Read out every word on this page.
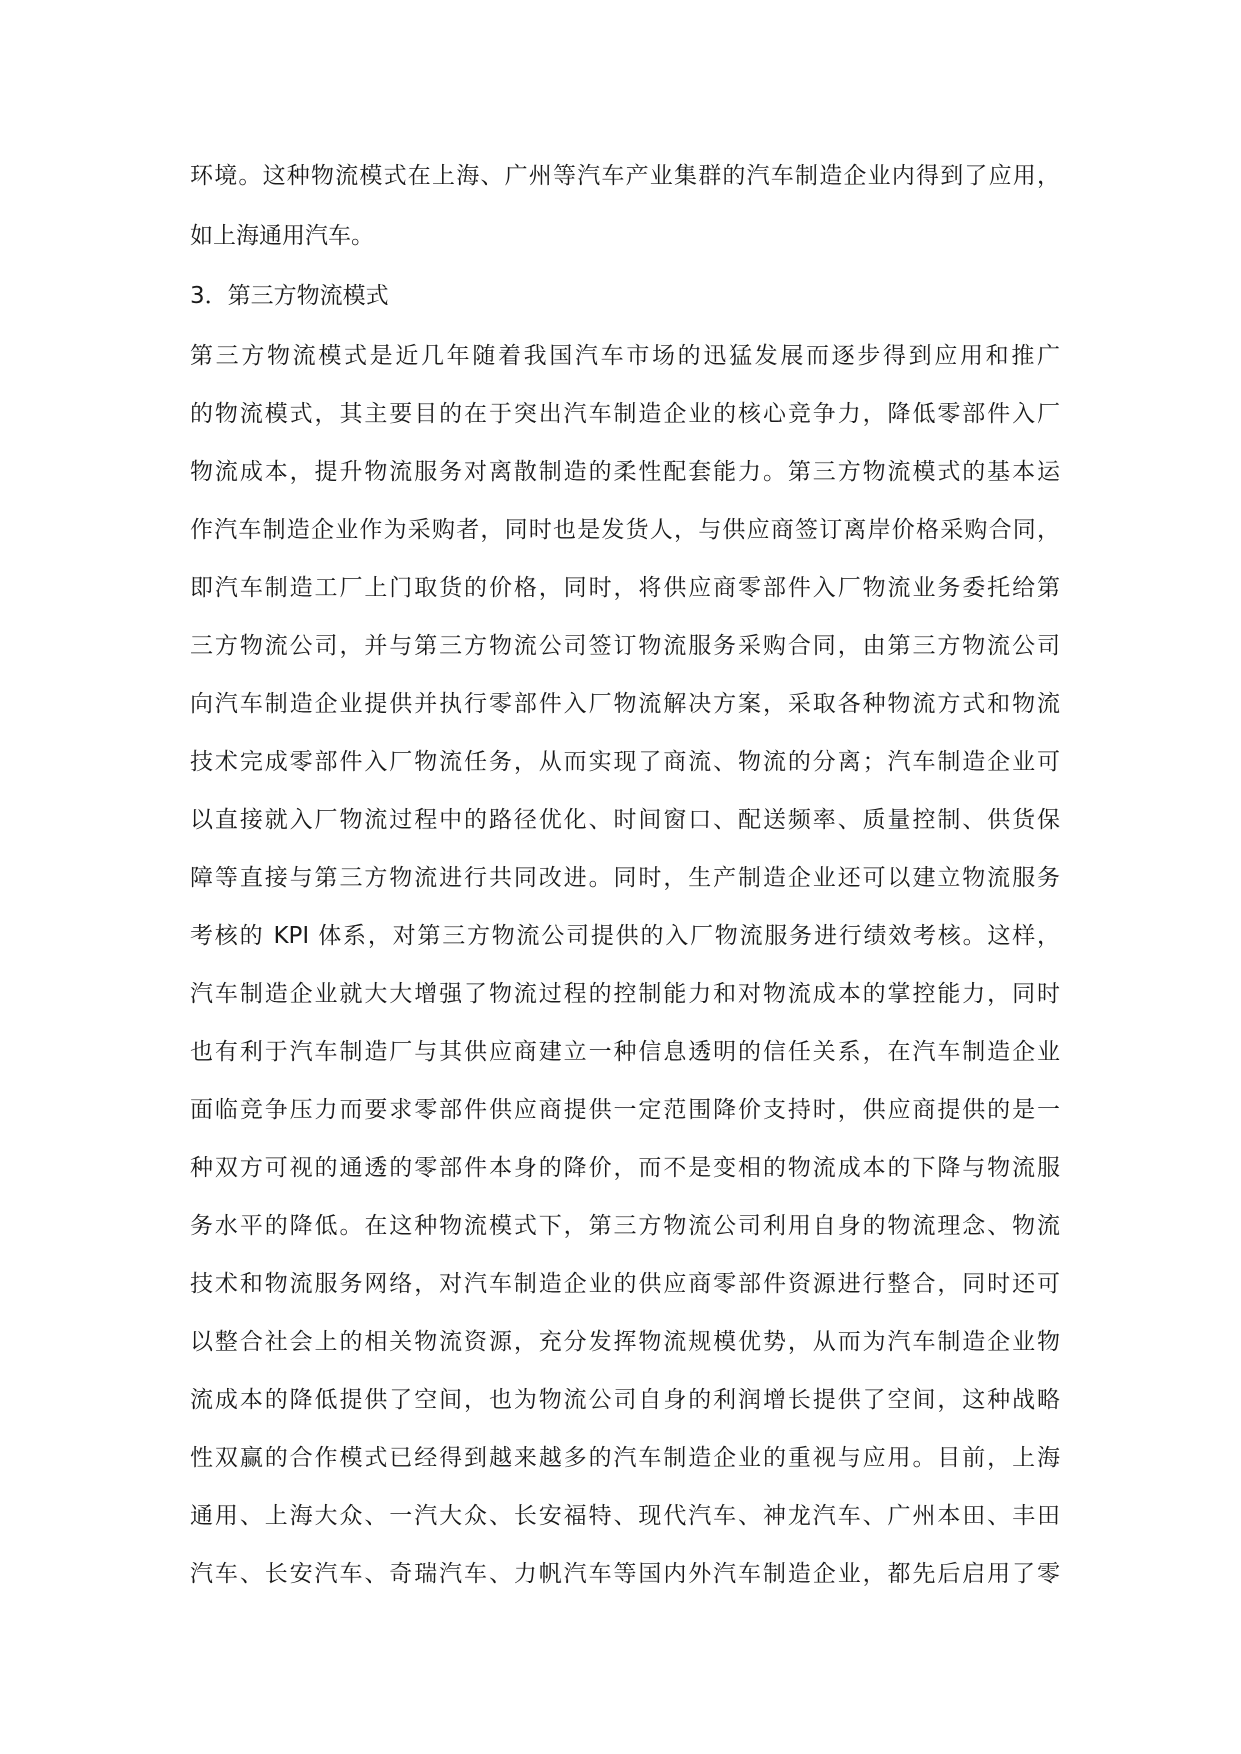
环境。这种物流模式在上海、广州等汽车产业集群的汽车制造企业内得到了应用，
如上海通用汽车。
3．第三方物流模式
第三方物流模式是近几年随着我国汽车市场的迅猛发展而逐步得到应用和推广
的物流模式，其主要目的在于突出汽车制造企业的核心竞争力，降低零部件入厂
物流成本，提升物流服务对离散制造的柔性配套能力。第三方物流模式的基本运
作汽车制造企业作为采购者，同时也是发货人，与供应商签订离岸价格采购合同，
即汽车制造工厂上门取货的价格，同时，将供应商零部件入厂物流业务委托给第
三方物流公司，并与第三方物流公司签订物流服务采购合同，由第三方物流公司
向汽车制造企业提供并执行零部件入厂物流解决方案，采取各种物流方式和物流
技术完成零部件入厂物流任务，从而实现了商流、物流的分离；汽车制造企业可
以直接就入厂物流过程中的路径优化、时间窗口、配送频率、质量控制、供货保
障等直接与第三方物流进行共同改进。同时，生产制造企业还可以建立物流服务
考核的 KPI 体系，对第三方物流公司提供的入厂物流服务进行绩效考核。这样，
汽车制造企业就大大增强了物流过程的控制能力和对物流成本的掌控能力，同时
也有利于汽车制造厂与其供应商建立一种信息透明的信任关系，在汽车制造企业
面临竞争压力而要求零部件供应商提供一定范围降价支持时，供应商提供的是一
种双方可视的通透的零部件本身的降价，而不是变相的物流成本的下降与物流服
务水平的降低。在这种物流模式下，第三方物流公司利用自身的物流理念、物流
技术和物流服务网络，对汽车制造企业的供应商零部件资源进行整合，同时还可
以整合社会上的相关物流资源，充分发挥物流规模优势，从而为汽车制造企业物
流成本的降低提供了空间，也为物流公司自身的利润增长提供了空间，这种战略
性双赢的合作模式已经得到越来越多的汽车制造企业的重视与应用。目前，上海
通用、上海大众、一汽大众、长安福特、现代汽车、神龙汽车、广州本田、丰田
汽车、长安汽车、奇瑞汽车、力帆汽车等国内外汽车制造企业，都先后启用了零
